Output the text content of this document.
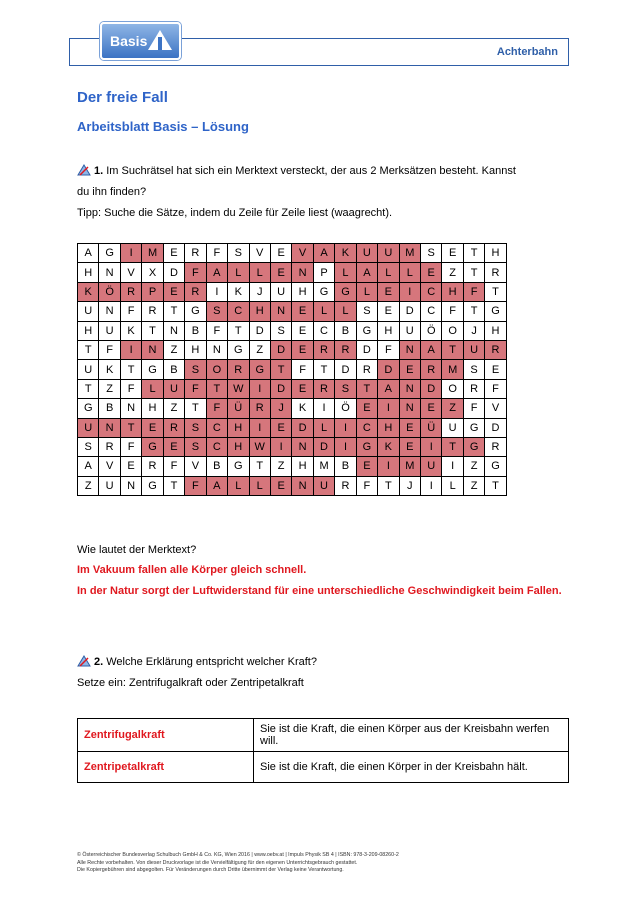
Achterbahn
Basis
Der freie Fall
Arbeitsblatt Basis – Lösung
1. Im Suchrätsel hat sich ein Merktext versteckt, der aus 2 Merksätzen besteht. Kannst
du ihn finden?
Tipp: Suche die Sätze, indem du Zeile für Zeile liest (waagrecht).
A	G	I	M	E	R	F	S	V	E	V	A	K	U	U	M	S	E	T	H
H	N	V	X	D	F	A	L	L	E	N	P	L	A	L	L	E	Z	T	R
K	Ö	R	P	E	R	I	K	J	U	H	G	G	L	E	I	C	H	F	T
U	N	F	R	T	G	S	C	H	N	E	L	L	S	E	D	C	F	T	G
H	U	K	T	N	B	F	T	D	S	E	C	B	G	H	U	Ö	O	J	H
T	F	I	N	Z	H	N	G	Z	D	E	R	R	D	F	N	A	T	U	R
U	K	T	G	B	S	O	R	G	T	F	T	D	R	D	E	R	M	S	E
T	Z	F	L	U	F	T	W	I	D	E	R	S	T	A	N	D	O	R	F
G	B	N	H	Z	T	F	Ü	R	J	K	I	Ö	E	I	N	E	Z	F	V
U	N	T	E	R	S	C	H	I	E	D	L	I	C	H	E	Ü	U	G	D
S	R	F	G	E	S	C	H	W	I	N	D	I	G	K	E	I	T	G	R
A	V	E	R	F	V	B	G	T	Z	H	M	B	E	I	M	U	I	Z	G
Z	U	N	G	T	F	A	L	L	E	N	U	R	F	T	J	I	L	Z	T
Wie lautet der Merktext?
Im Vakuum fallen alle Körper gleich schnell.
In der Natur sorgt der Luftwiderstand für eine unterschiedliche Geschwindigkeit beim Fallen.
2. Welche Erklärung entspricht welcher Kraft?
Setze ein: Zentrifugalkraft oder Zentripetalkraft
Zentrifugalkraft	Sie ist die Kraft, die einen Körper aus der Kreisbahn werfen will.
Zentripetalkraft	Sie ist die Kraft, die einen Körper in der Kreisbahn hält.
© Österreichischer Bundesverlag Schulbuch GmbH & Co. KG, Wien 2016 | www.oebv.at | Impuls Physik SB 4 | ISBN: 978-3-209-08260-2
Alle Rechte vorbehalten. Von dieser Druckvorlage ist die Vervielfältigung für den eigenen Unterrichtsgebrauch gestattet.
Die Kopiergebühren sind abgegolten. Für Veränderungen durch Dritte übernimmt der Verlag keine Verantwortung.
